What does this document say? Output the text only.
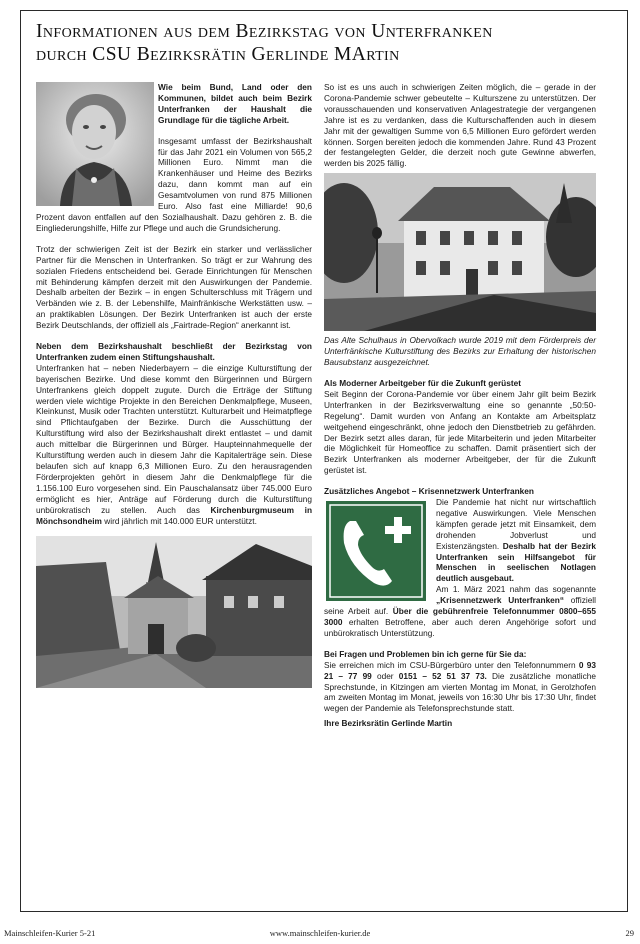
Informationen aus dem Bezirkstag von Unterfranken
durch CSU Bezirksrätin Gerlinde MArtin

Wie beim Bund, Land oder den Kommunen, bildet auch beim Bezirk Unterfranken der Haushalt die Grundlage für die tägliche Arbeit.

Insgesamt umfasst der Bezirkshaushalt für das Jahr 2021 ein Volumen von 565,2 Millionen Euro. Nimmt man die Krankenhäuser und Heime des Bezirks dazu, dann kommt man auf ein Gesamtvolumen von rund 875 Millionen Euro. Also fast eine Milliarde! 90,6 Prozent davon entfallen auf den Sozialhaushalt. Dazu gehören z. B. die Eingliederungshilfe, Hilfe zur Pflege und auch die Grundsicherung.

Trotz der schwierigen Zeit ist der Bezirk ein starker und verlässlicher Partner für die Menschen in Unterfranken. So trägt er zur Wahrung des sozialen Friedens entscheidend bei. Gerade Einrichtungen für Menschen mit Behinderung kämpfen derzeit mit den Auswirkungen der Pandemie. Deshalb arbeiten der Bezirk – in engen Schulterschluss mit Trägern und Verbänden wie z. B. der Lebenshilfe, Mainfränkische Werkstätten usw. – an praktikablen Lösungen. Der Bezirk Unterfranken ist auch der erste Bezirk Deutschlands, der offiziell als „Fairtrade-Region“ anerkannt ist.

Neben dem Bezirkshaushalt beschließt der Bezirkstag von Unterfranken zudem einen Stiftungshaushalt.

Unterfranken hat – neben Niederbayern – die einzige Kulturstiftung der bayerischen Bezirke. Und diese kommt den Bürgerinnen und Bürgern Unterfrankens gleich doppelt zugute. Durch die Erträge der Stiftung werden viele wichtige Projekte in den Bereichen Denkmalpflege, Museen, Kleinkunst, Musik oder Trachten unterstützt. Kulturarbeit und Heimatpflege sind Pflichtaufgaben der Bezirke. Durch die Ausschüttung der Kulturstiftung wird also der Bezirkshaushalt direkt entlastet – und damit auch mittelbar die Bürgerinnen und Bürger. Haupteinnahmequelle der Kulturstiftung werden auch in diesem Jahr die Kapitalerträge sein. Diese belaufen sich auf knapp 6,3 Millionen Euro. Zu den herausragenden Förderprojekten gehört in diesem Jahr die Denkmalpflege für die 1.156.100 Euro vorgesehen sind. Ein Pauschalansatz über 745.000 Euro ermöglicht es hier, Anträge auf Förderung durch die Kulturstiftung unbürokratisch zu stellen. Auch das Kirchenburgmuseum in Mönchsondheim wird jährlich mit 140.000 EUR unterstützt.

So ist es uns auch in schwierigen Zeiten möglich, die – gerade in der Corona-Pandemie schwer gebeutelte – Kulturszene zu unterstützen. Der vorausschauenden und konservativen Anlagestrategie der vergangenen Jahre ist es zu verdanken, dass die Kulturschaffenden auch in diesem Jahr mit der gewaltigen Summe von 6,5 Millionen Euro gefördert werden können. Sorgen bereiten jedoch die kommenden Jahre. Rund 43 Prozent der festangelegten Gelder, die derzeit noch gute Gewinne abwerfen, werden bis 2025 fällig.

Das Alte Schulhaus in Obervolkach wurde 2019 mit dem Förderpreis der Unterfränkische Kulturstiftung des Bezirks zur Erhaltung der historischen Bausubstanz ausgezeichnet.

Als Moderner Arbeitgeber für die Zukunft gerüstet

Seit Beginn der Corona-Pandemie vor über einem Jahr gilt beim Bezirk Unterfranken in der Bezirksverwaltung eine so genannte „50:50-Regelung“. Damit wurden von Anfang an Kontakte am Arbeitsplatz weitgehend eingeschränkt, ohne jedoch den Dienstbetrieb zu gefährden. Der Bezirk setzt alles daran, für jede Mitarbeiterin und jeden Mitarbeiter die Möglichkeit für Homeoffice zu schaffen. Damit präsentiert sich der Bezirk Unterfranken als moderner Arbeitgeber, der für die Zukunft gerüstet ist.

Zusätzliches Angebot – Krisennetzwerk Unterfranken

Die Pandemie hat nicht nur wirtschaftlich negative Auswirkungen. Viele Menschen kämpfen gerade jetzt mit Einsamkeit, dem drohenden Jobverlust und Existenzängsten. Deshalb hat der Bezirk Unterfranken sein Hilfsangebot für Menschen in seelischen Notlagen deutlich ausgebaut.

Am 1. März 2021 nahm das sogenannte „Krisennetzwerk Unterfranken“ offiziell seine Arbeit auf. Über die gebührenfreie Telefonnummer 0800–655 3000 erhalten Betroffene, aber auch deren Angehörige sofort und unbürokratisch Unterstützung.

Bei Fragen und Problemen bin ich gerne für Sie da:

Sie erreichen mich im CSU-Bürgerbüro unter den Telefonnummern 0 93 21 – 77 99 oder 0151 – 52 51 37 73. Die zusätzliche monatliche Sprechstunde, in Kitzingen am vierten Montag im Monat, in Gerolzhofen am zweiten Montag im Monat, jeweils von 16:30 Uhr bis 17:30 Uhr, findet wegen der Pandemie als Telefonsprechstunde statt.

Ihre Bezirksrätin Gerlinde Martin

Mainschleifen-Kurier 5-21	www.mainschleifen-kurier.de	29
